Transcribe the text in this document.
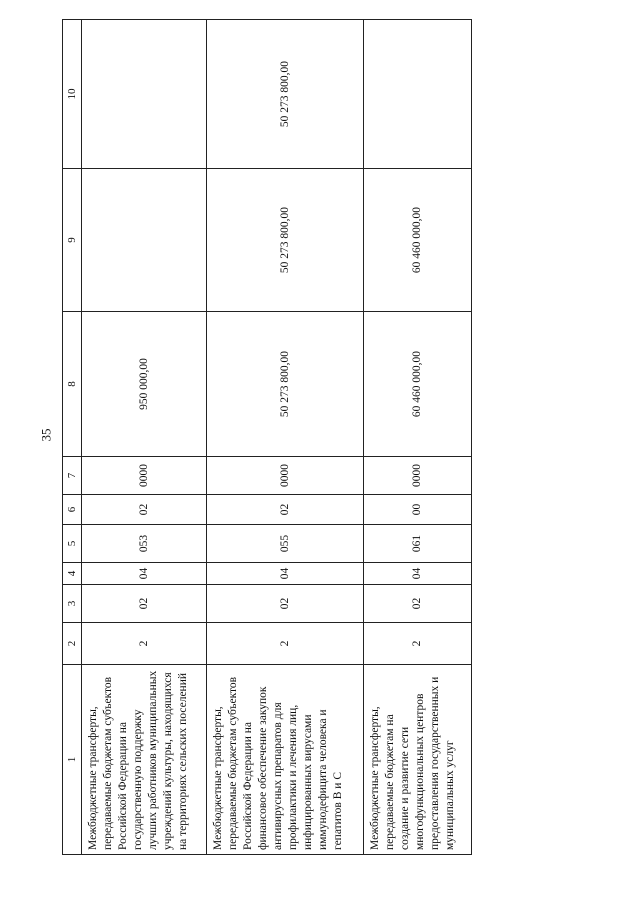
35
1	2	3	4	5	6	7	8	9	10
Межбюджетные трансферты, передаваемые бюджетам субъектов Российской Федерации на государственную поддержку лучших работников муниципальных учреждений культуры, находящихся на территориях сельских поселений	2	02	04	053	02	0000	950 000,00		
Межбюджетные трансферты, передаваемые бюджетам субъектов Российской Федерации на финансовое обеспечение закупок антивирусных препаратов для профилактики и лечения лиц, инфицированных вирусами иммунодефицита человека и гепатитов В и С	2	02	04	055	02	0000	50 273 800,00	50 273 800,00	50 273 800,00
Межбюджетные трансферты, передаваемые бюджетам на создание и развитие сети многофункциональных центров предоставления государственных и муниципальных услуг	2	02	04	061	00	0000	60 460 000,00	60 460 000,00	
